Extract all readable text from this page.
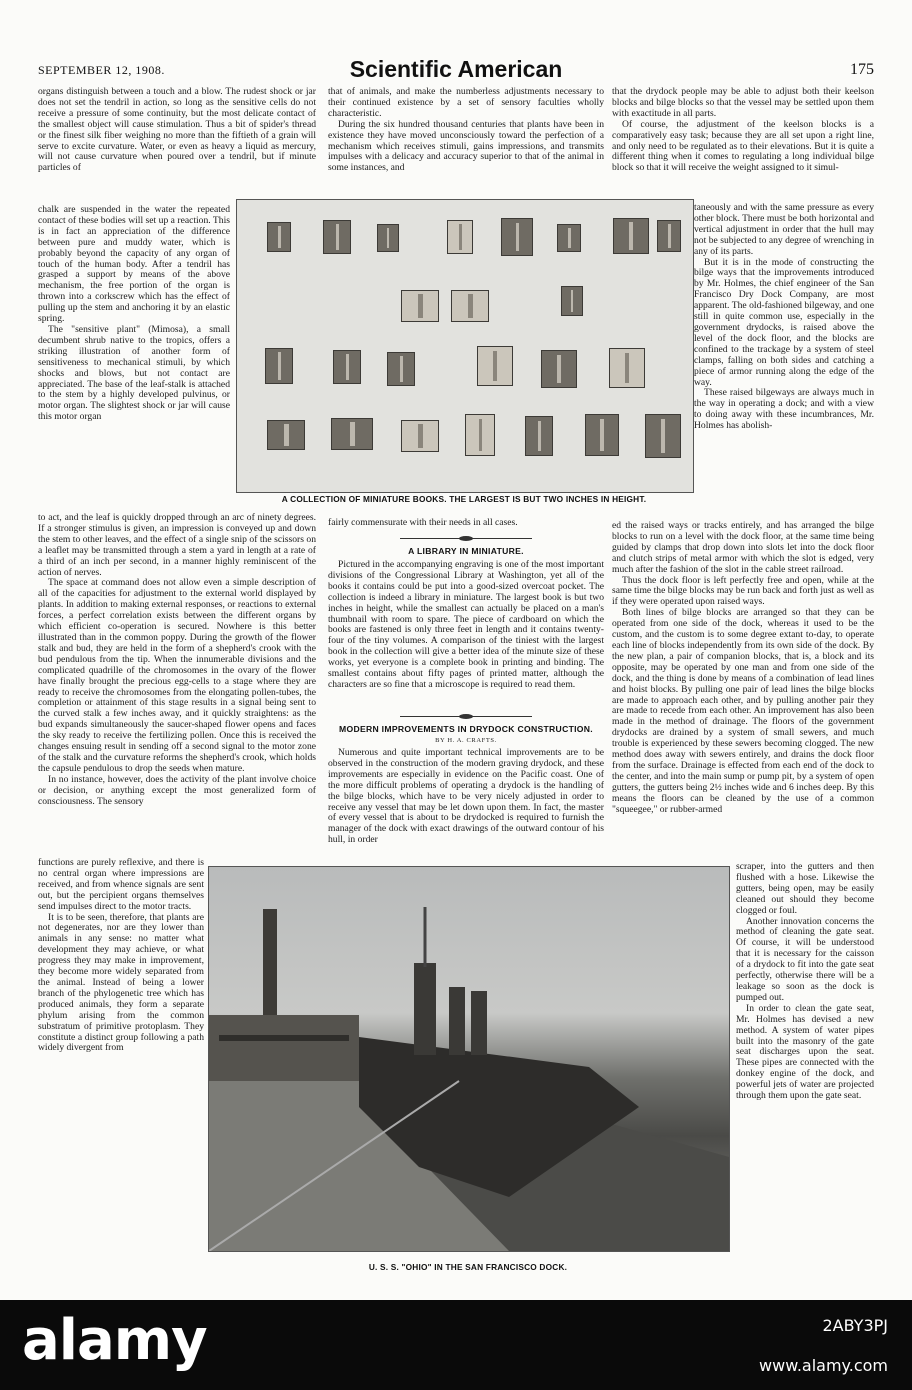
SEPTEMBER 12, 1908.	Scientific American	175

organs distinguish between a touch and a blow. The rudest shock or jar does not set the tendril in action, so long as the sensitive cells do not receive a pressure of some continuity, but the most delicate contact of the smallest object will cause stimulation. Thus a bit of spider's thread or the finest silk fiber weighing no more than the fiftieth of a grain will serve to excite curvature. Water, or even as heavy a liquid as mercury, will not cause curvature when poured over a tendril, but if minute particles of

chalk are suspended in the water the repeated contact of these bodies will set up a reaction. This is in fact an appreciation of the difference between pure and muddy water, which is probably beyond the capacity of any organ of touch of the human body. After a tendril has grasped a support by means of the above mechanism, the free portion of the organ is thrown into a corkscrew which has the effect of pulling up the stem and anchoring it by an elastic spring.

The "sensitive plant" (Mimosa), a small decumbent shrub native to the tropics, offers a striking illustration of another form of sensitiveness to mechanical stimuli, by which shocks and blows, but not contact are appreciated. The base of the leaf-stalk is attached to the stem by a highly developed pulvinus, or motor organ. The slightest shock or jar will cause this motor organ

to act, and the leaf is quickly dropped through an arc of ninety degrees. If a stronger stimulus is given, an impression is conveyed up and down the stem to other leaves, and the effect of a single snip of the scissors on a leaflet may be transmitted through a stem a yard in length at a rate of a third of an inch per second, in a manner highly reminiscent of the action of nerves.

The space at command does not allow even a simple description of all of the capacities for adjustment to the external world displayed by plants. In addition to making external responses, or reactions to external forces, a perfect correlation exists between the different organs by which efficient co-operation is secured. Nowhere is this better illustrated than in the common poppy. During the growth of the flower stalk and bud, they are held in the form of a shepherd's crook with the bud pendulous from the tip. When the innumerable divisions and the complicated quadrille of the chromosomes in the ovary of the flower have finally brought the precious egg-cells to a stage where they are ready to receive the chromosomes from the elongating pollen-tubes, the completion or attainment of this stage results in a signal being sent to the curved stalk a few inches away, and it quickly straightens: as the bud expands simultaneously the saucer-shaped flower opens and faces the sky ready to receive the fertilizing pollen. Once this is received the changes ensuing result in sending off a second signal to the motor zone of the stalk and the curvature reforms the shepherd's crook, which holds the capsule pendulous to drop the seeds when mature.

In no instance, however, does the activity of the plant involve choice or decision, or anything except the most generalized form of consciousness. The sensory

functions are purely reflexive, and there is no central organ where impressions are received, and from whence signals are sent out, but the percipient organs themselves send impulses direct to the motor tracts.

It is to be seen, therefore, that plants are not degenerates, nor are they lower than animals in any sense: no matter what development they may achieve, or what progress they may make in improvement, they become more widely separated from the animal. Instead of being a lower branch of the phylogenetic tree which has produced animals, they form a separate phylum arising from the common substratum of primitive protoplasm. They constitute a distinct group following a path widely divergent from

that of animals, and make the numberless adjustments necessary to their continued existence by a set of sensory faculties wholly characteristic.

During the six hundred thousand centuries that plants have been in existence they have moved unconsciously toward the perfection of a mechanism which receives stimuli, gains impressions, and transmits impulses with a delicacy and accuracy superior to that of the animal in some instances, and

A COLLECTION OF MINIATURE BOOKS. THE LARGEST IS BUT TWO INCHES IN HEIGHT.

fairly commensurate with their needs in all cases.

A LIBRARY IN MINIATURE.

Pictured in the accompanying engraving is one of the most important divisions of the Congressional Library at Washington, yet all of the books it contains could be put into a good-sized overcoat pocket. The collection is indeed a library in miniature. The largest book is but two inches in height, while the smallest can actually be placed on a man's thumbnail with room to spare. The piece of cardboard on which the books are fastened is only three feet in length and it contains twenty-four of the tiny volumes. A comparison of the tiniest with the largest book in the collection will give a better idea of the minute size of these works, yet everyone is a complete book in printing and binding. The smallest contains about fifty pages of printed matter, although the characters are so fine that a microscope is required to read them.

MODERN IMPROVEMENTS IN DRYDOCK CONSTRUCTION.
BY H. A. CRAFTS.

Numerous and quite important technical improvements are to be observed in the construction of the modern graving drydock, and these improvements are especially in evidence on the Pacific coast. One of the more difficult problems of operating a drydock is the handling of the bilge blocks, which have to be very nicely adjusted in order to receive any vessel that may be let down upon them. In fact, the master of every vessel that is about to be drydocked is required to furnish the manager of the dock with exact drawings of the outward contour of his hull, in order

that the drydock people may be able to adjust both their keelson blocks and bilge blocks so that the vessel may be settled upon them with exactitude in all parts.

Of course, the adjustment of the keelson blocks is a comparatively easy task; because they are all set upon a right line, and only need to be regulated as to their elevations. But it is quite a different thing when it comes to regulating a long individual bilge block so that it will receive the weight assigned to it simul-

taneously and with the same pressure as every other block. There must be both horizontal and vertical adjustment in order that the hull may not be subjected to any degree of wrenching in any of its parts.

But it is in the mode of constructing the bilge ways that the improvements introduced by Mr. Holmes, the chief engineer of the San Francisco Dry Dock Company, are most apparent. The old-fashioned bilgeway, and one still in quite common use, especially in the government drydocks, is raised above the level of the dock floor, and the blocks are confined to the trackage by a system of steel clamps, falling on both sides and catching a piece of armor running along the edge of the way.

These raised bilgeways are always much in the way in operating a dock; and with a view to doing away with these incumbrances, Mr. Holmes has abolish-

ed the raised ways or tracks entirely, and has arranged the bilge blocks to run on a level with the dock floor, at the same time being guided by clamps that drop down into slots let into the dock floor and clutch strips of metal armor with which the slot is edged, very much after the fashion of the slot in the cable street railroad.

Thus the dock floor is left perfectly free and open, while at the same time the bilge blocks may be run back and forth just as well as if they were operated upon raised ways.

Both lines of bilge blocks are arranged so that they can be operated from one side of the dock, whereas it used to be the custom, and the custom is to some degree extant to-day, to operate each line of blocks independently from its own side of the dock. By the new plan, a pair of companion blocks, that is, a block and its opposite, may be operated by one man and from one side of the dock, and the thing is done by means of a combination of lead lines and hoist blocks. By pulling one pair of lead lines the bilge blocks are made to approach each other, and by pulling another pair they are made to recede from each other. An improvement has also been made in the method of drainage. The floors of the government drydocks are drained by a system of small sewers, and much trouble is experienced by these sewers becoming clogged. The new method does away with sewers entirely, and drains the dock floor from the surface. Drainage is effected from each end of the dock to the center, and into the main sump or pump pit, by a system of open gutters, the gutters being 2½ inches wide and 6 inches deep. By this means the floors can be cleaned by the use of a common "squeegee," or rubber-armed

scraper, into the gutters and then flushed with a hose. Likewise the gutters, being open, may be easily cleaned out should they become clogged or foul.

Another innovation concerns the method of cleaning the gate seat. Of course, it will be understood that it is necessary for the caisson of a drydock to fit into the gate seat perfectly, otherwise there will be a leakage so soon as the dock is pumped out.

In order to clean the gate seat, Mr. Holmes has devised a new method. A system of water pipes built into the masonry of the gate seat discharges upon the seat. These pipes are connected with the donkey engine of the dock, and powerful jets of water are projected through them upon the gate seat.

U. S. S. "OHIO" IN THE SAN FRANCISCO DOCK.
alamy	2ABY3PJ
www.alamy.com
